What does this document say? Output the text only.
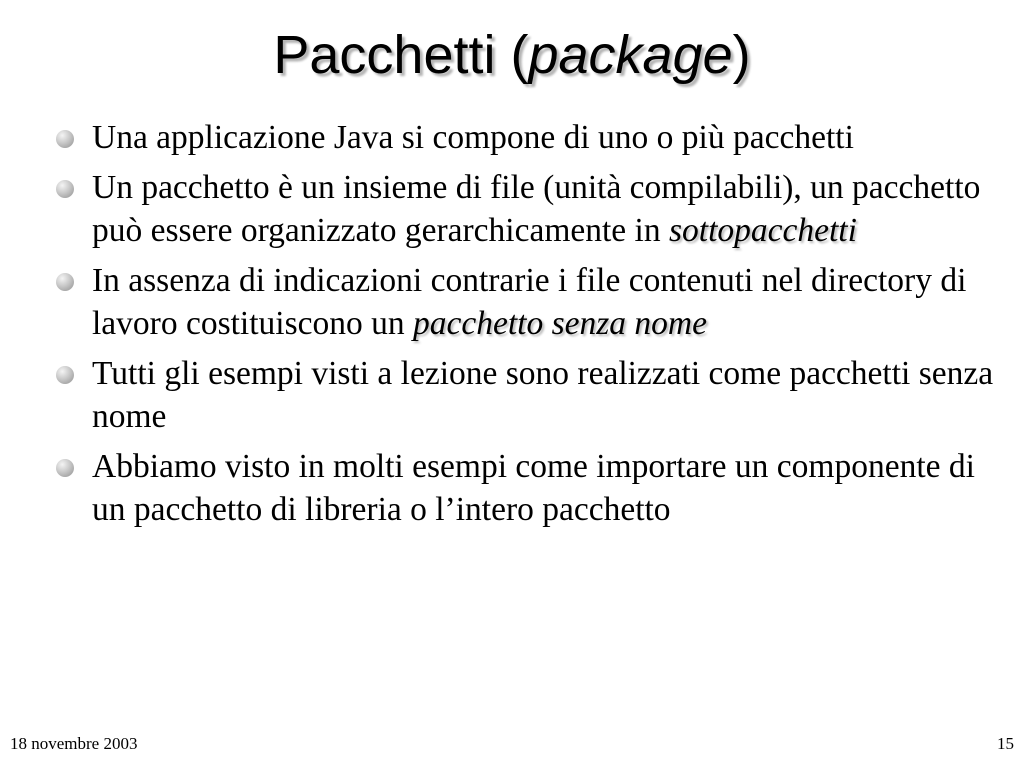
Pacchetti (package)
Una applicazione Java si compone di uno o più pacchetti
Un pacchetto è un insieme di file (unità compilabili), un pacchetto può essere organizzato gerarchicamente in sottopacchetti
In assenza di indicazioni contrarie i file contenuti nel directory di lavoro costituiscono un pacchetto senza nome
Tutti gli esempi visti a lezione sono realizzati come pacchetti senza nome
Abbiamo visto in molti esempi come importare un componente di un pacchetto di libreria o l’intero pacchetto
18 novembre 2003	15
